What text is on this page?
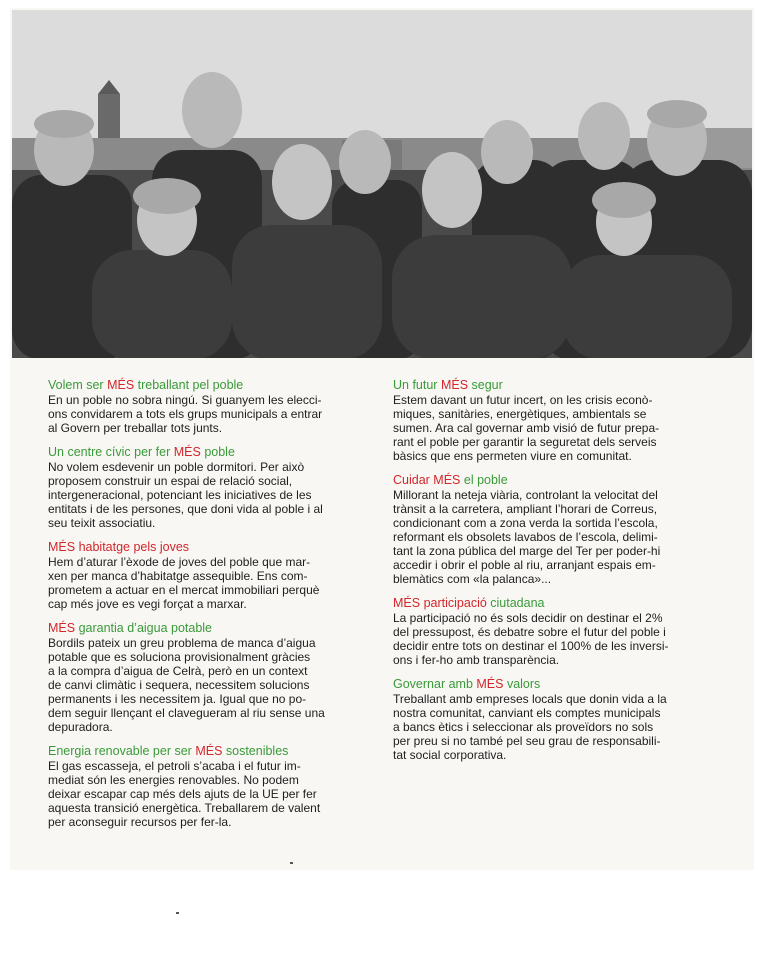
Volem ser MÉS treballant pel poble

En un poble no sobra ningú. Si guanyem les elecci-
ons convidarem a tots els grups municipals a entrar
al Govern per treballar tots junts.

Un centre cívic per fer MÉS poble

No volem esdevenir un poble dormitori. Per això
proposem construir un espai de relació social,
intergeneracional, potenciant les iniciatives de les
entitats i de les persones, que doni vida al poble i al
seu teixit associatiu.

MÉS habitatge pels joves

Hem d’aturar l’èxode de joves del poble que mar-
xen per manca d’habitatge assequible. Ens com-
prometem a actuar en el mercat immobiliari perquè
cap més jove es vegi forçat a marxar.

MÉS garantia d’aigua potable

Bordils pateix un greu problema de manca d’aigua
potable que es soluciona provisionalment gràcies
a la compra d’aigua de Celrà, però en un context
de canvi climàtic i sequera, necessitem solucions
permanents i les necessitem ja. Igual que no po-
dem seguir llençant el clavegueram al riu sense una
depuradora.

Energia renovable per ser MÉS sostenibles

El gas escasseja, el petroli s’acaba i el futur im-
mediat són les energies renovables. No podem
deixar escapar cap més dels ajuts de la UE per fer
aquesta transició energètica. Treballarem de valent
per aconseguir recursos per fer-la.

Un futur MÉS segur

Estem davant un futur incert, on les crisis econò-
miques, sanitàries, energètiques, ambientals se
sumen. Ara cal governar amb visió de futur prepa-
rant el poble per garantir la seguretat dels serveis
bàsics que ens permeten viure en comunitat.

Cuidar MÉS el poble

Millorant la neteja viària, controlant la velocitat del
trànsit a la carretera, ampliant l’horari de Correus,
condicionant com a zona verda la sortida l’escola,
reformant els obsolets lavabos de l’escola, delimi-
tant la zona pública del marge del Ter per poder-hi
accedir i obrir el poble al riu, arranjant espais em-
blemàtics com «la palanca»...

MÉS participació ciutadana

La participació no és sols decidir on destinar el 2%
del pressupost, és debatre sobre el futur del poble i
decidir entre tots on destinar el 100% de les inversi-
ons i fer-ho amb transparència.

Governar amb MÉS valors

Treballant amb empreses locals que donin vida a la
nostra comunitat, canviant els comptes municipals
a bancs ètics i seleccionar als proveïdors no sols
per preu si no també pel seu grau de responsabili-
tat social corporativa.
